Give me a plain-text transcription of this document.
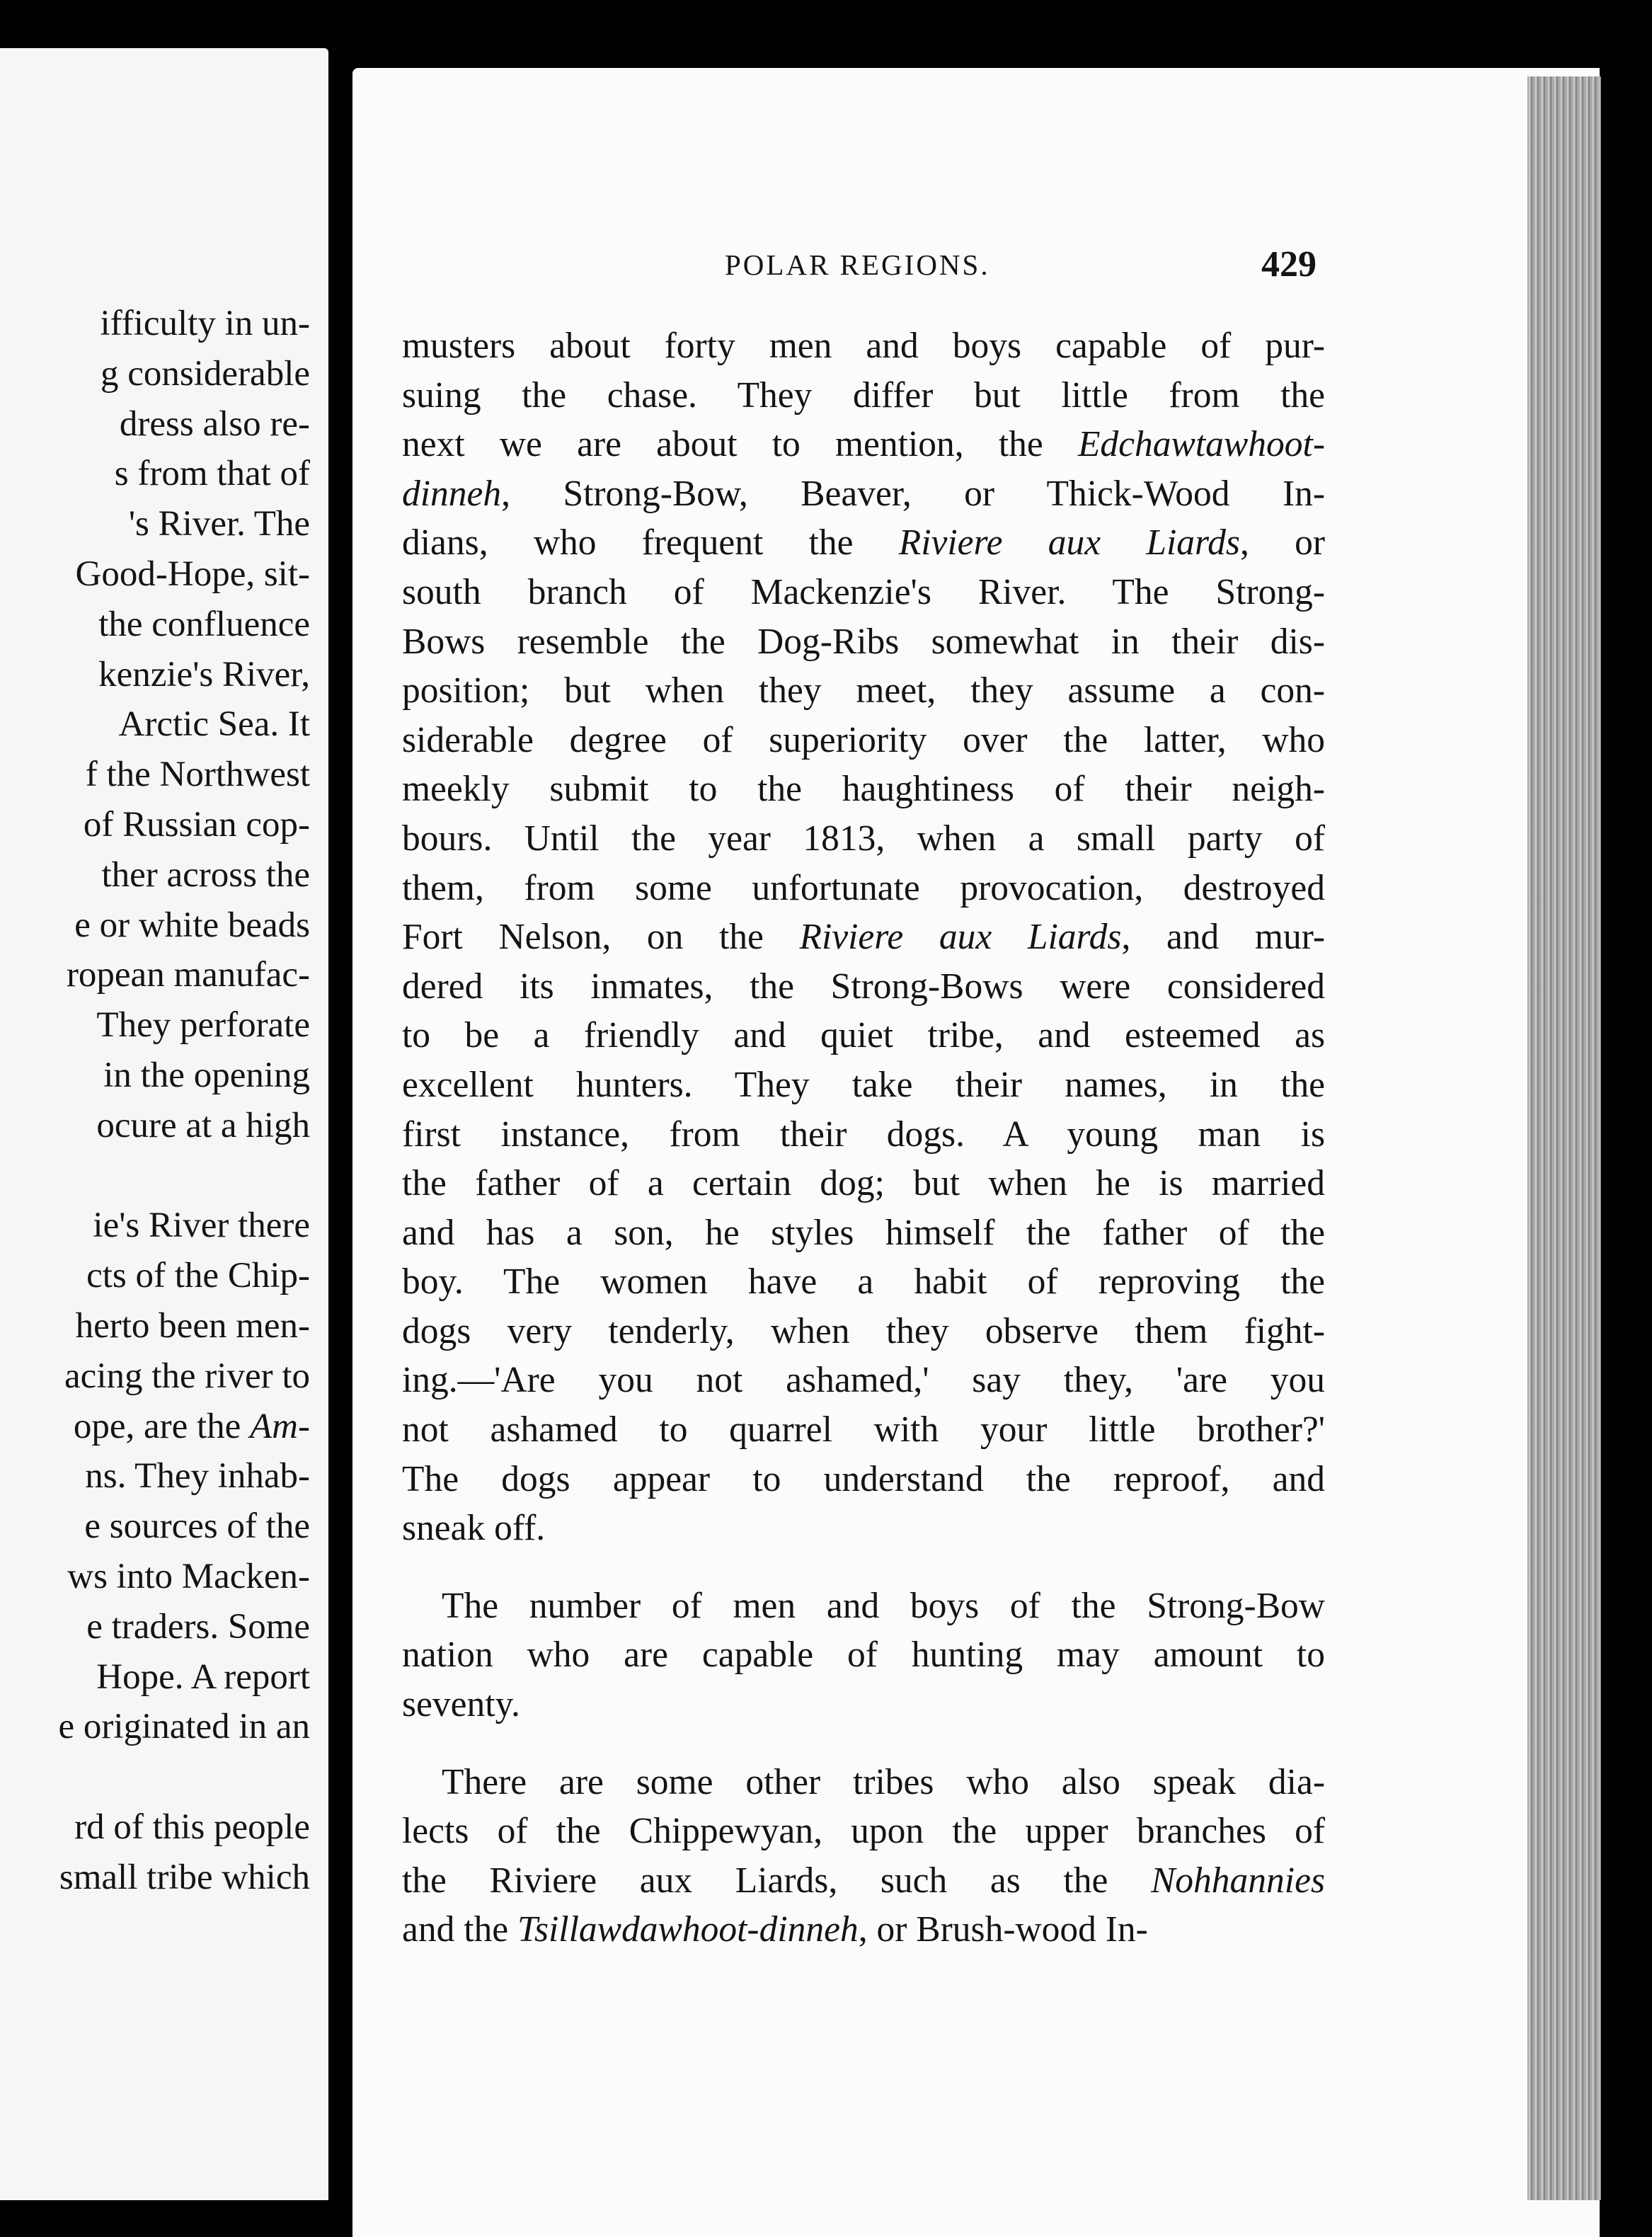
ifficulty in un-
g considerable
dress also re-
s from that of
's River. The
Good-Hope, sit-
the confluence
kenzie's River,
Arctic Sea. It
f the Northwest
of Russian cop-
ther across the
e or white beads
ropean manufac-
They perforate
in the opening
ocure at a high
ie's River there
cts of the Chip-
herto been men-
acing the river to
ope, are the Am-
ns. They inhab-
e sources of the
ws into Macken-
e traders. Some
Hope. A report
e originated in an
rd of this people
small tribe which
POLAR REGIONS.	429
musters about forty men and boys capable of pur-
suing the chase. They differ but little from the
next we are about to mention, the Edchawtawhoot-
dinneh, Strong-Bow, Beaver, or Thick-Wood In-
dians, who frequent the Riviere aux Liards, or
south branch of Mackenzie's River. The Strong-
Bows resemble the Dog-Ribs somewhat in their dis-
position; but when they meet, they assume a con-
siderable degree of superiority over the latter, who
meekly submit to the haughtiness of their neigh-
bours. Until the year 1813, when a small party of
them, from some unfortunate provocation, destroyed
Fort Nelson, on the Riviere aux Liards, and mur-
dered its inmates, the Strong-Bows were considered
to be a friendly and quiet tribe, and esteemed as
excellent hunters. They take their names, in the
first instance, from their dogs. A young man is
the father of a certain dog; but when he is married
and has a son, he styles himself the father of the
boy. The women have a habit of reproving the
dogs very tenderly, when they observe them fight-
ing.—'Are you not ashamed,' say they, 'are you
not ashamed to quarrel with your little brother?'
The dogs appear to understand the reproof, and
sneak off.
The number of men and boys of the Strong-Bow
nation who are capable of hunting may amount to
seventy.
There are some other tribes who also speak dia-
lects of the Chippewyan, upon the upper branches of
the Riviere aux Liards, such as the Nohhannies
and the Tsillawdawhoot-dinneh, or Brush-wood In-
